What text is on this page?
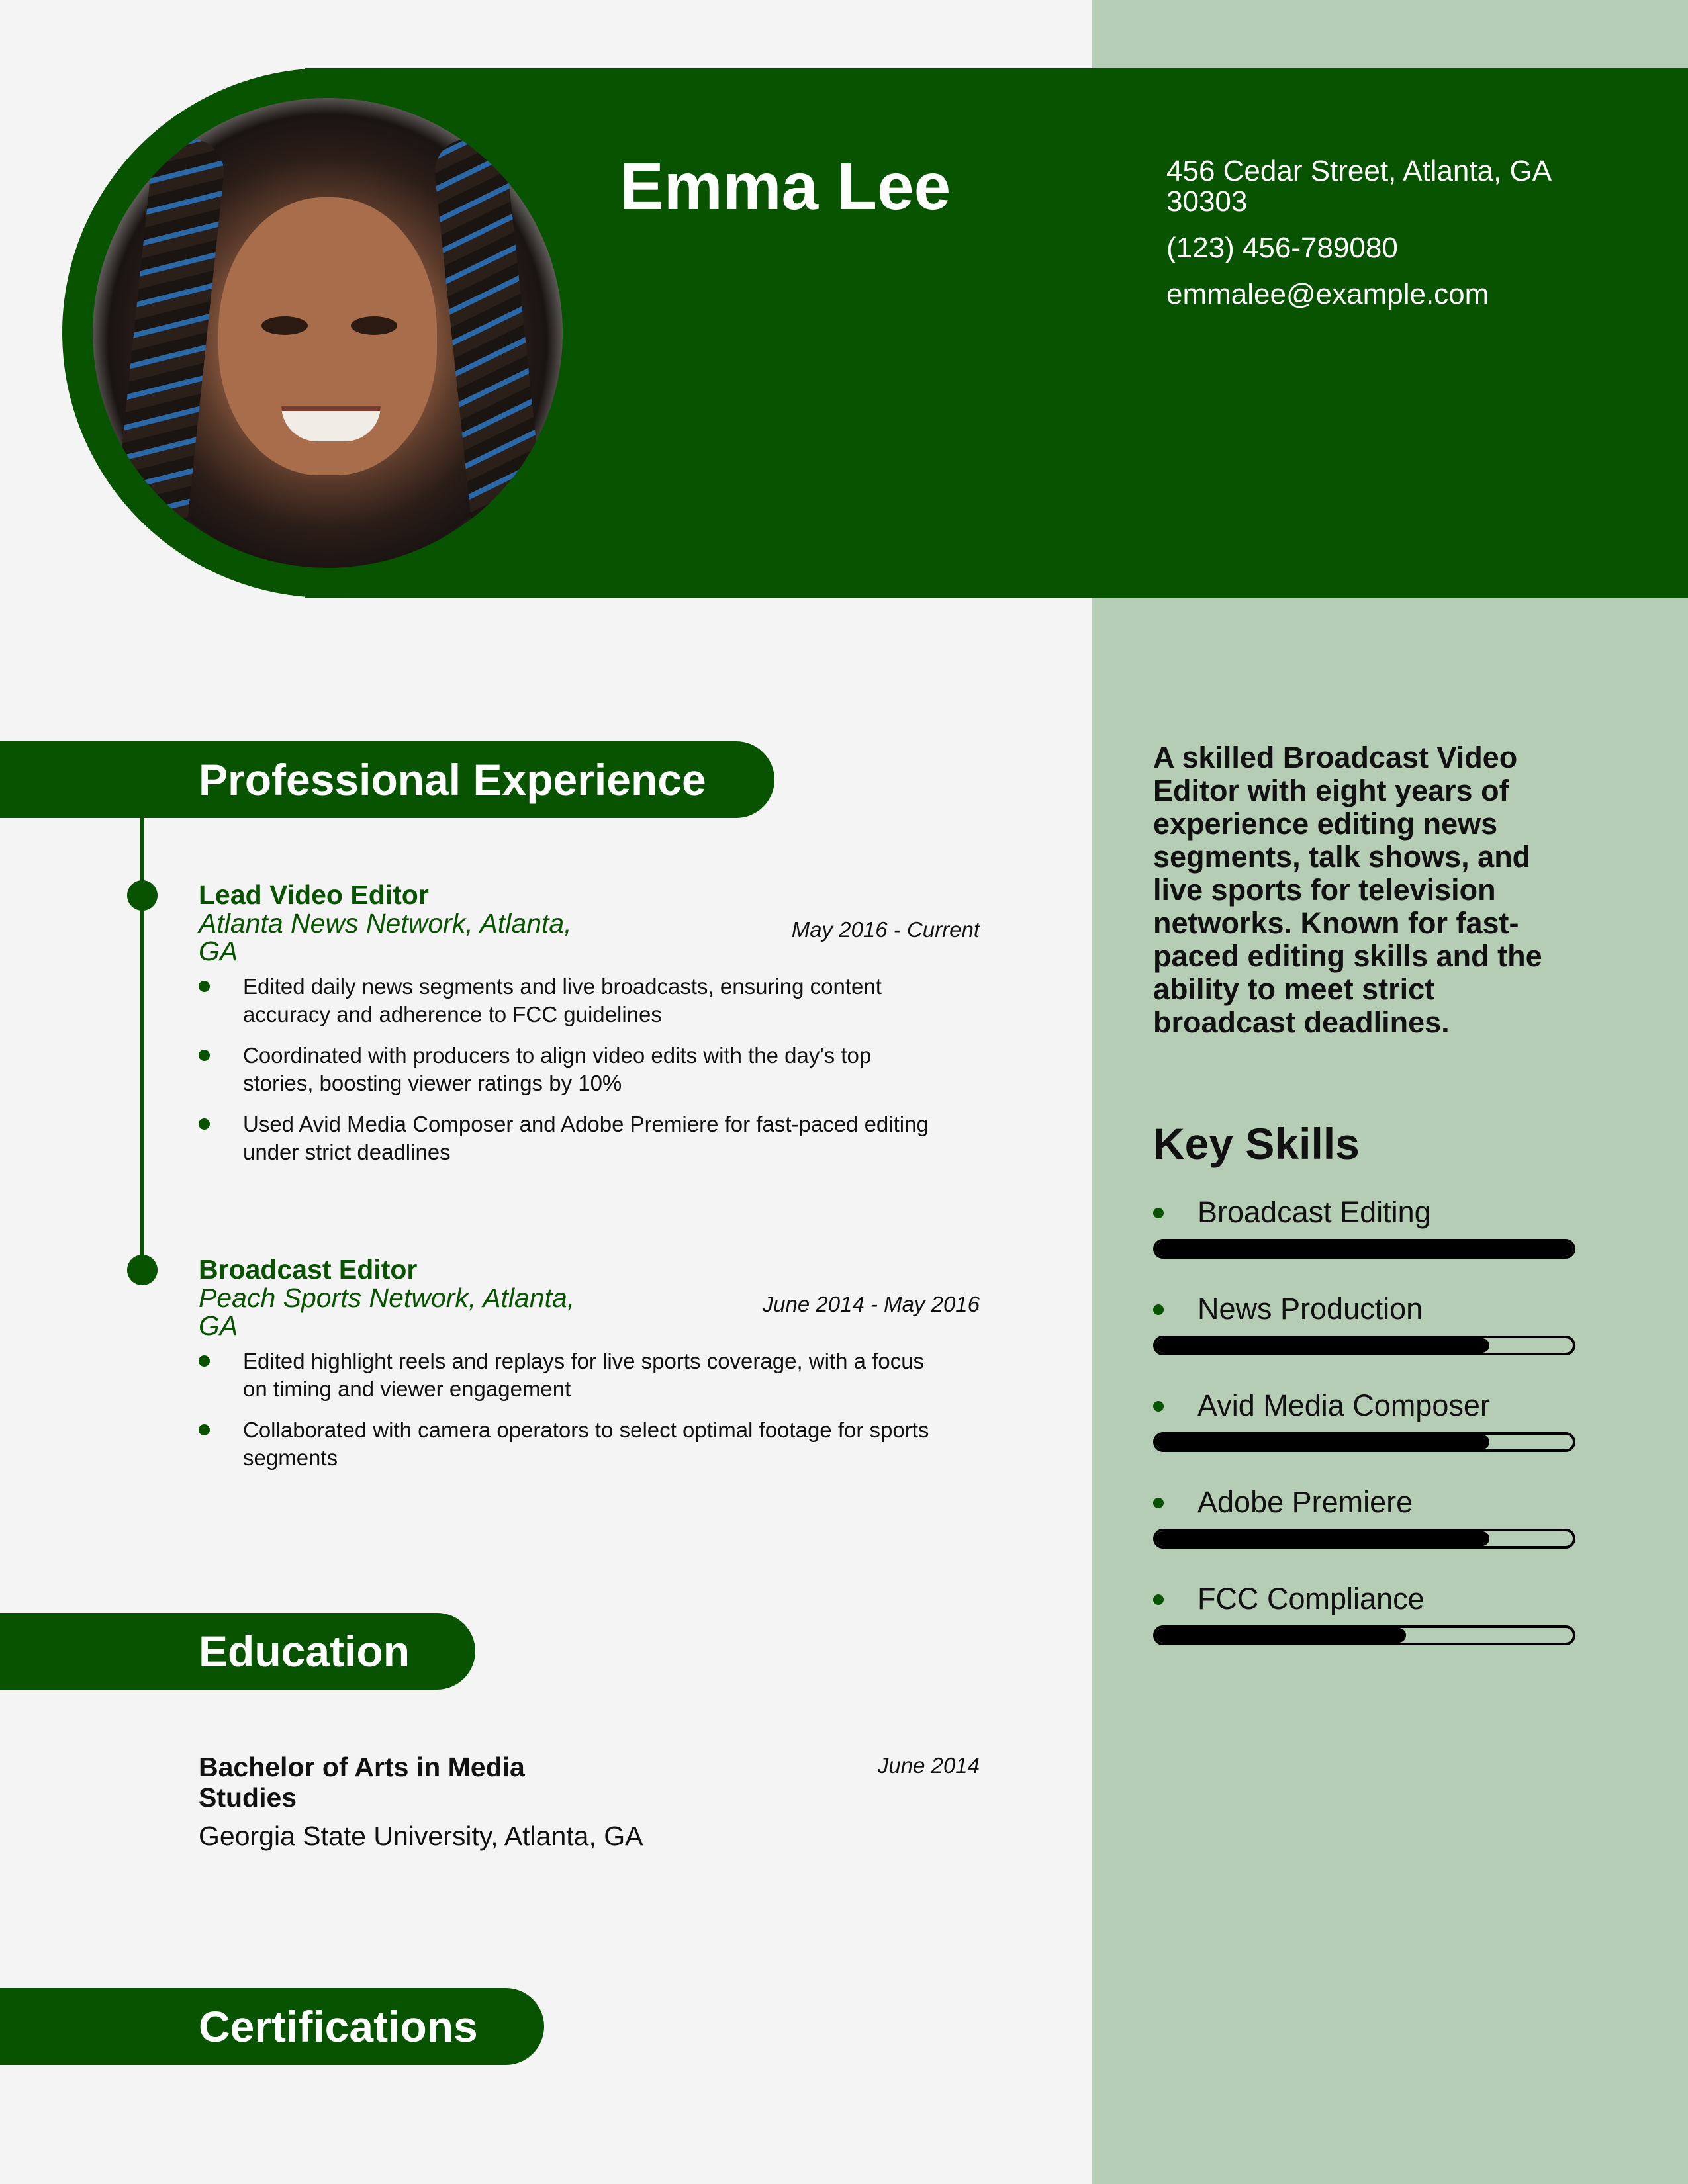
Emma Lee	456 Cedar Street, Atlanta, GA 30303
(123) 456-789080
emmalee@example.com
Professional Experience
Lead Video Editor
Atlanta News Network, Atlanta, GA
May 2016 - Current
Edited daily news segments and live broadcasts, ensuring content accuracy and adherence to FCC guidelines
Coordinated with producers to align video edits with the day's top stories, boosting viewer ratings by 10%
Used Avid Media Composer and Adobe Premiere for fast-paced editing under strict deadlines
Broadcast Editor
Peach Sports Network, Atlanta, GA
June 2014 - May 2016
Edited highlight reels and replays for live sports coverage, with a focus on timing and viewer engagement
Collaborated with camera operators to select optimal footage for sports segments
Education
Bachelor of Arts in Media Studies
Georgia State University, Atlanta, GA
June 2014
Certifications
A skilled Broadcast Video Editor with eight years of experience editing news segments, talk shows, and live sports for television networks. Known for fast-paced editing skills and the ability to meet strict broadcast deadlines.
Key Skills
Broadcast Editing
News Production
Avid Media Composer
Adobe Premiere
FCC Compliance
